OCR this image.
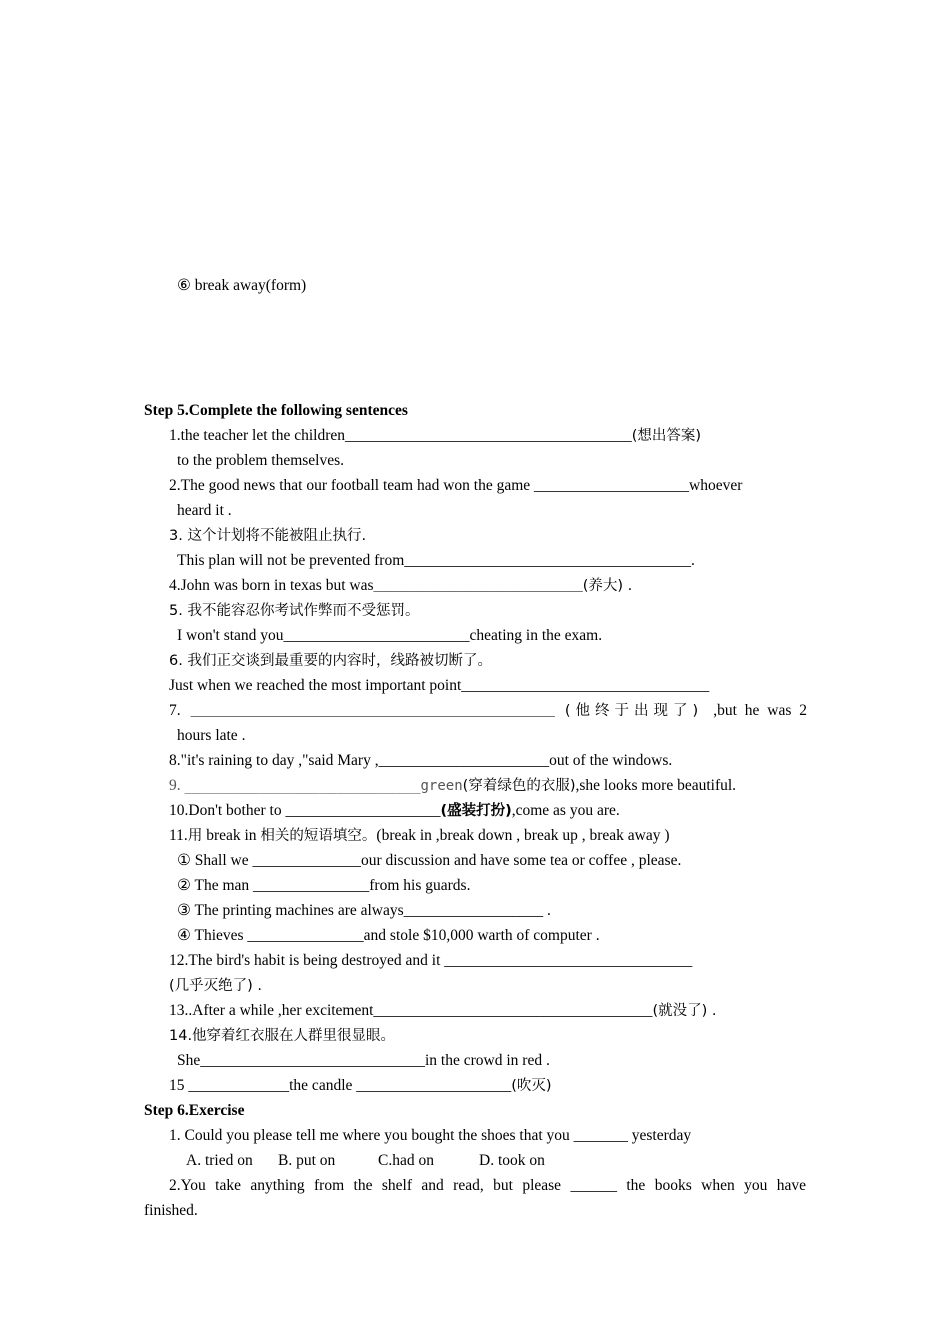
⑥ break away(form)
Step 5.Complete the following sentences
1.the teacher let the children_____________________________________(想出答案)
to the problem themselves.
2.The good news that our football team had won the game ____________________whoever
heard it .
3. 这个计划将不能被阻止执行.
This plan will not be prevented from_____________________________________.
4.John was born in texas but was___________________________(养大) .
5. 我不能容忍你考试作弊而不受惩罚。
I won't stand you________________________cheating in the exam.
6. 我们正交谈到最重要的内容时，线路被切断了。
Just when we reached the most important point________________________________
7. _______________________________________________ (他终于出现了) ,but he was 2
hours late .
8."it's raining to day ,"said Mary ,______________________out of the windows.
9. ____________________________green(穿着绿色的衣服),she looks more beautiful.
10.Don't bother to ____________________(盛装打扮),come as you are.
11.用 break in 相关的短语填空。(break in ,break down , break up , break away )
① Shall we ______________our discussion and have some tea or coffee , please.
② The man _______________from his guards.
③ The printing machines are always__________________ .
④ Thieves _______________and stole $10,000 warth of computer .
12.The bird's habit is being destroyed and it ________________________________
(几乎灭绝了) .
13..After a while ,her excitement____________________________________(就没了) .
14.他穿着红衣服在人群里很显眼。
She_____________________________in the crowd in red .
15 _____________the candle ____________________(吹灭)
Step 6.Exercise
1. Could you please tell me where you bought the shoes that you _______ yesterday
A. tried on B. put on	C.had on	D. took on
2.You take anything from the shelf and read, but please ______ the books when you have
finished.
